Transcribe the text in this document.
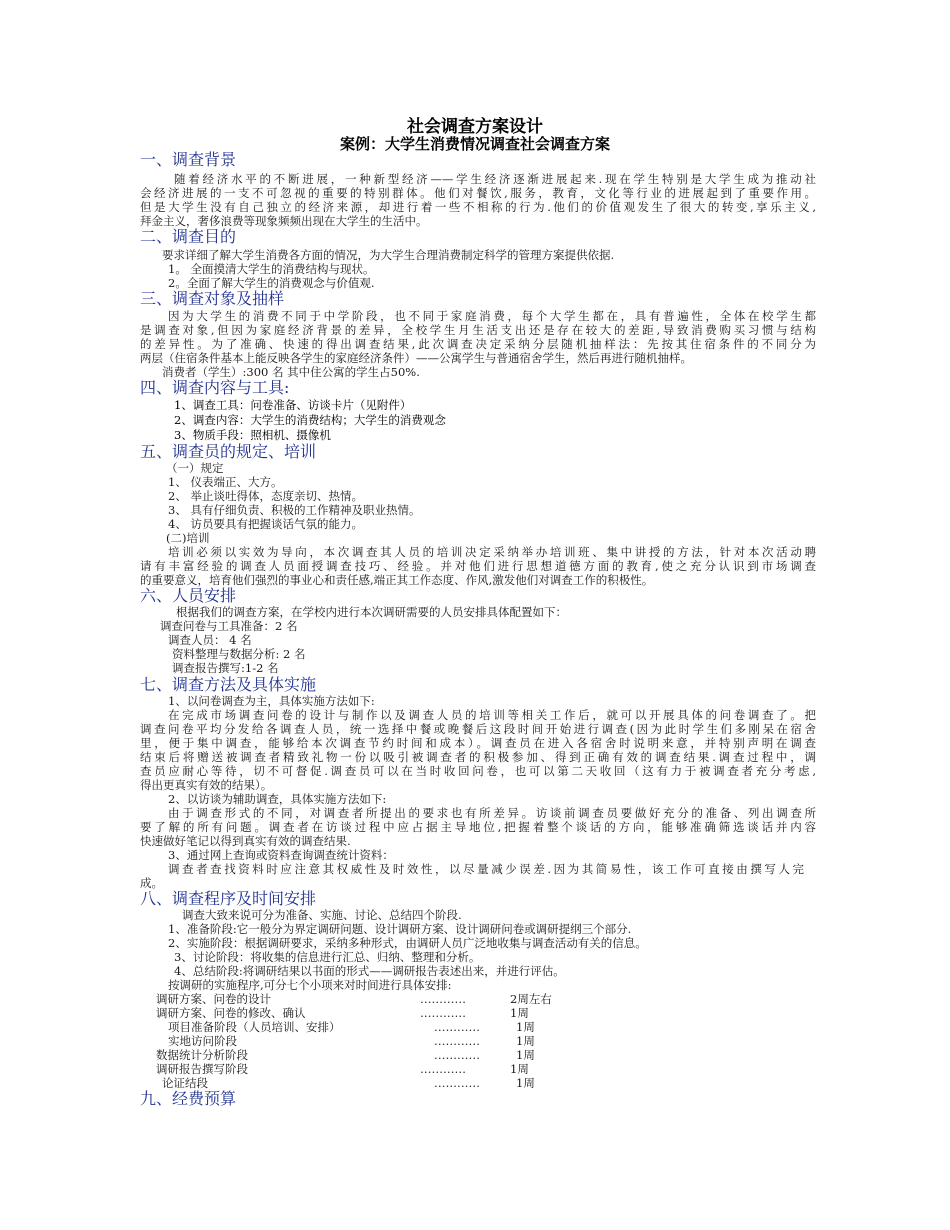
社会调查方案设计
案例：大学生消费情况调查社会调查方案
一、调查背景
随着经济水平的不断进展，一种新型经济——学生经济逐渐进展起来.现在学生特别是大学生成为推动社
会经济进展的一支不可忽视的重要的特别群体。他们对餐饮,服务，教育，文化等行业的进展起到了重要作用。
但是大学生没有自己独立的经济来源，却进行着一些不相称的行为.他们的价值观发生了很大的转变,享乐主义,
拜金主义，奢侈浪费等现象频频出现在大学生的生活中。
二、调查目的
要求详细了解大学生消费各方面的情况，为大学生合理消费制定科学的管理方案提供依据.
1。 全面摸清大学生的消费结构与现状。
2。全面了解大学生的消费观念与价值观.
三、调查对象及抽样
因为大学生的消费不同于中学阶段，也不同于家庭消费，每个大学生都在，具有普遍性，全体在校学生都
是调查对象,但因为家庭经济背景的差异，全校学生月生活支出还是存在较大的差距,导致消费购买习惯与结构
的差异性。为了准确、快速的得出调查结果,此次调查决定采纳分层随机抽样法：先按其住宿条件的不同分为
两层（住宿条件基本上能反映各学生的家庭经济条件）——公寓学生与普通宿舍学生，然后再进行随机抽样。
消费者（学生）:300 名 其中住公寓的学生占50%.
四、调查内容与工具:
1、调查工具：问卷准备、访谈卡片（见附件）
2、调查内容：大学生的消费结构；大学生的消费观念
3、物质手段：照相机、摄像机
五、调查员的规定、培训
（一）规定
1、 仪表端正、大方。
2、 举止谈吐得体，态度亲切、热情。
3、 具有仔细负责、积极的工作精神及职业热情。
4、 访员要具有把握谈话气氛的能力。
(二)培训
培训必须以实效为导向，本次调查其人员的培训决定采纳举办培训班、集中讲授的方法，针对本次活动聘
请有丰富经验的调查人员面授调查技巧、经验。并对他们进行思想道德方面的教育,使之充分认识到市场调查
的重要意义，培育他们强烈的事业心和责任感,端正其工作态度、作风,激发他们对调查工作的积极性。
六、人员安排
根据我们的调查方案，在学校内进行本次调研需要的人员安排具体配置如下：
调查问卷与工具准备：2 名
调查人员： 4 名
资料整理与数据分析: 2 名
调查报告撰写:1-2 名
七、调查方法及具体实施
1、以问卷调查为主，具体实施方法如下:
在完成市场调查问卷的设计与制作以及调查人员的培训等相关工作后，就可以开展具体的问卷调查了。把
调查问卷平均分发给各调查人员，统一选择中餐或晚餐后这段时间开始进行调查(因为此时学生们多刚呆在宿舍
里，便于集中调查，能够给本次调查节约时间和成本）。调查员在进入各宿舍时说明来意，并特别声明在调查
结束后将赠送被调查者精致礼物一份以吸引被调查者的积极参加、得到正确有效的调查结果.调查过程中，调
查员应耐心等待，切不可督促.调查员可以在当时收回问卷，也可以第二天收回（这有力于被调查者充分考虑,
得出更真实有效的结果）。
2、以访谈为辅助调查，具体实施方法如下:
由于调查形式的不同，对调查者所提出的要求也有所差异。访谈前调查员要做好充分的准备、列出调查所
要了解的所有问题。调查者在访谈过程中应占据主导地位,把握着整个谈话的方向，能够准确筛选谈话并内容
快速做好笔记以得到真实有效的调查结果.
3、通过网上查询或资料查询调查统计资料：
调查者查找资料时应注意其权威性及时效性，以尽量减少误差.因为其简易性，该工作可直接由撰写人完
成。
八、调查程序及时间安排
调查大致来说可分为准备、实施、讨论、总结四个阶段.
1、准备阶段:它一般分为界定调研问题、设计调研方案、设计调研问卷或调研提纲三个部分.
2、实施阶段：根据调研要求，采纳多种形式，由调研人员广泛地收集与调查活动有关的信息。
3、讨论阶段：将收集的信息进行汇总、归纳、整理和分析。
4、总结阶段:将调研结果以书面的形式——调研报告表述出来，并进行评估。
按调研的实施程序,可分七个小项来对时间进行具体安排:
调研方案、问卷的设计	…………	2周左右
调研方案、问卷的修改、确认	…………	1周
项目准备阶段（人员培训、安排）	…………	1周
实地访问阶段	…………	1周
数据统计分析阶段	…………	1周
调研报告撰写阶段	…………	1周
论证结段	…………	1周
九、经费预算
